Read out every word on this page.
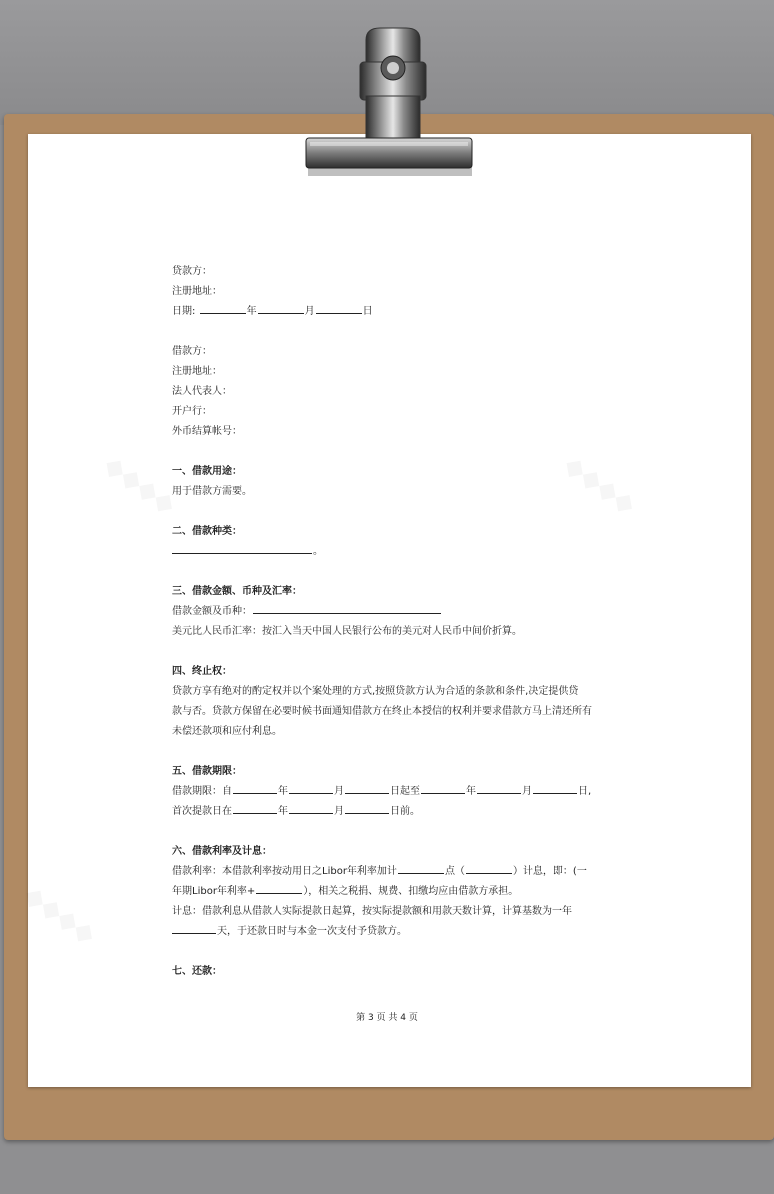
贷款方：
注册地址：
日期:	年	月	日
借款方：
注册地址：
法人代表人：
开户行：
外币结算帐号：
一、借款用途：
用于借款方需要。
二、借款种类：
。
三、借款金额、币种及汇率：
借款金额及币种：
美元比人民币汇率：按汇入当天中国人民银行公布的美元对人民币中间价折算。
四、终止权：
贷款方享有绝对的酌定权并以个案处理的方式,按照贷款方认为合适的条款和条件,决定提供贷
款与否。贷款方保留在必要时候书面通知借款方在终止本授信的权利并要求借款方马上清还所有
未偿还款项和应付利息。
五、借款期限：
借款期限：自	年	月	日起至	年	月	日,
首次提款日在	年	月	日前。
六、借款利率及计息：
借款利率：本借款利率按动用日之Libor年利率加计	点（	）计息，即：(一
年期Libor年利率+	），相关之税捐、规费、扣缴均应由借款方承担。
计息：借款利息从借款人实际提款日起算，按实际提款额和用款天数计算，计算基数为一年
天，于还款日时与本金一次支付予贷款方。
七、还款：
第 3 页 共 4 页
